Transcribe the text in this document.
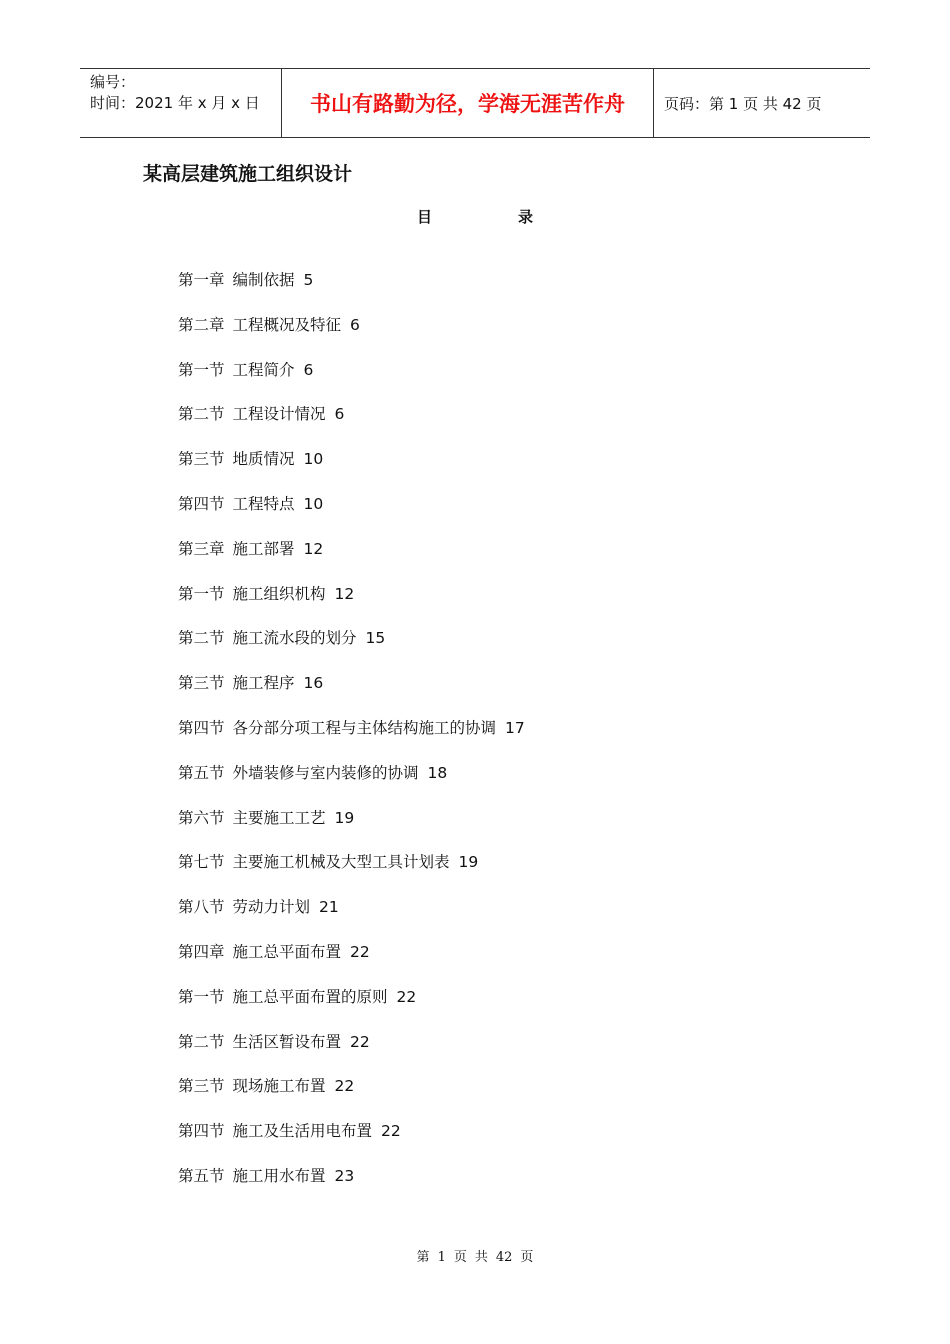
编号：
时间：2021 年 x 月 x 日	书山有路勤为径，学海无涯苦作舟	页码：第 1 页 共 42 页
某高层建筑施工组织设计
目	录
第一章 编制依据 5
第二章 工程概况及特征 6
第一节 工程简介 6
第二节 工程设计情况 6
第三节 地质情况 10
第四节 工程特点 10
第三章 施工部署 12
第一节 施工组织机构 12
第二节 施工流水段的划分 15
第三节 施工程序 16
第四节 各分部分项工程与主体结构施工的协调 17
第五节 外墙装修与室内装修的协调 18
第六节 主要施工工艺 19
第七节 主要施工机械及大型工具计划表 19
第八节 劳动力计划 21
第四章 施工总平面布置 22
第一节 施工总平面布置的原则 22
第二节 生活区暂设布置 22
第三节 现场施工布置 22
第四节 施工及生活用电布置 22
第五节 施工用水布置 23
第 1 页 共 42 页
